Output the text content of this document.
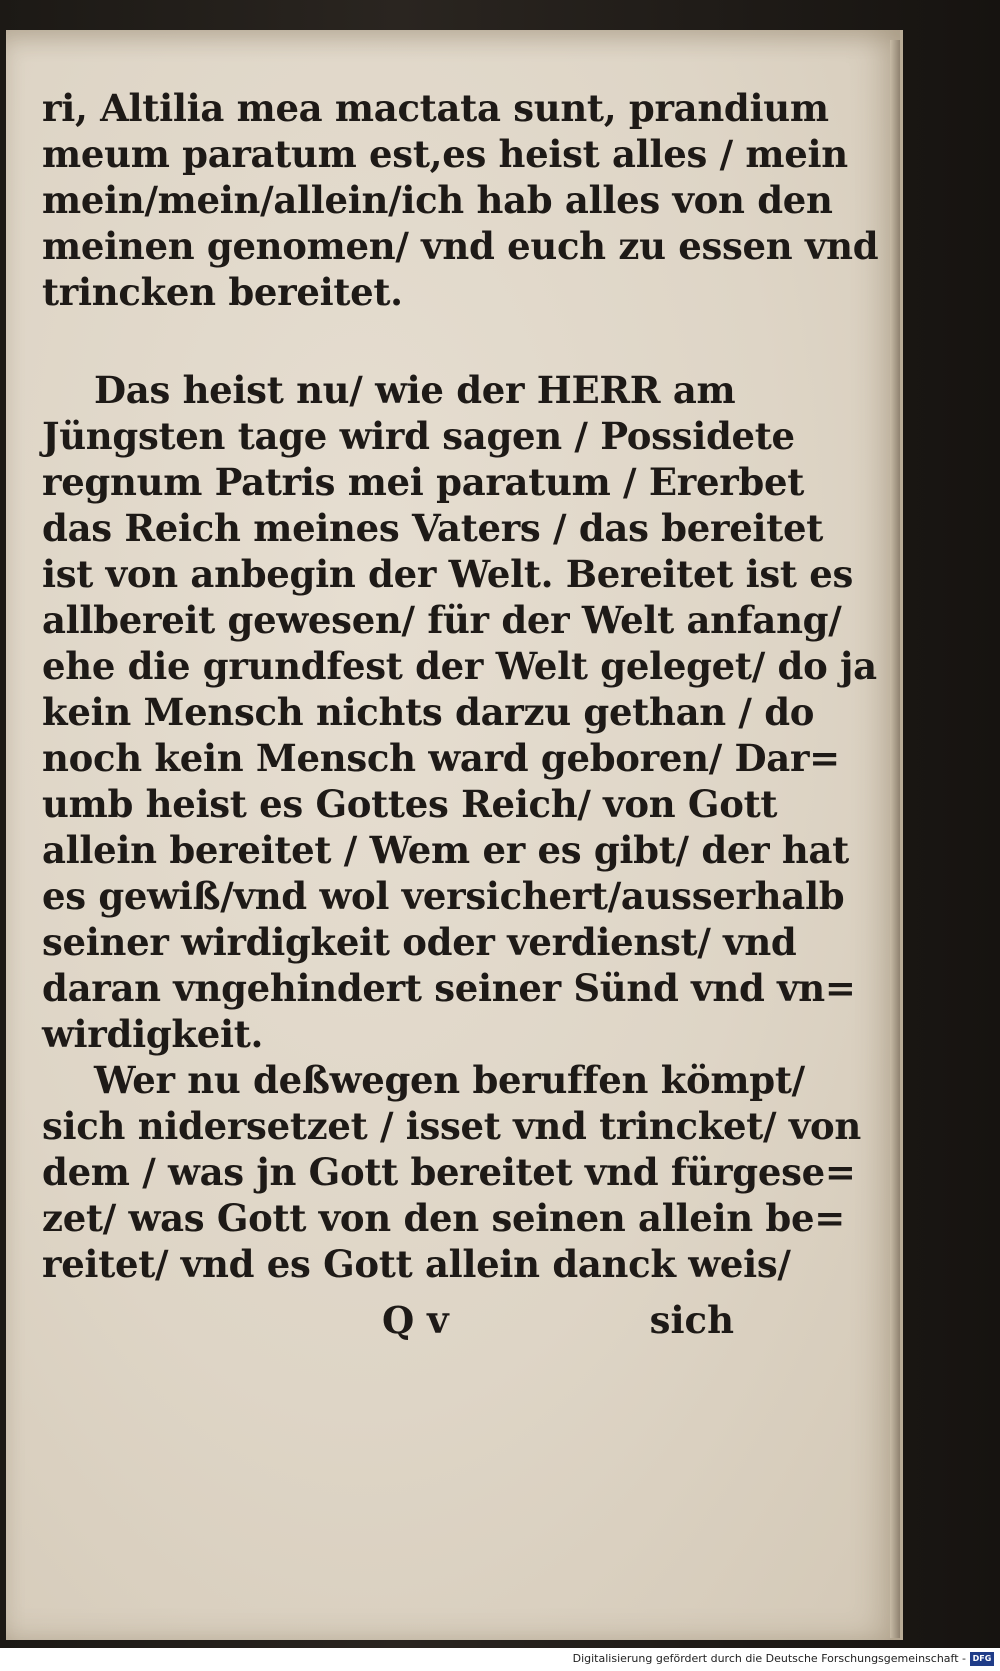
ri, Altilia mea mactata sunt, prandium
meum paratum est,es heist alles / mein
mein/mein/allein/ich hab alles von den
meinen genomen/ vnd euch zu essen vnd
trincken bereitet.
Das heist nu/ wie der HERR am
Jüngsten tage wird sagen / Possidete
regnum Patris mei paratum / Ererbet
das Reich meines Vaters / das bereitet
ist von anbegin der Welt. Bereitet ist es
allbereit gewesen/ für der Welt anfang/
ehe die grundfest der Welt geleget/ do ja
kein Mensch nichts darzu gethan / do
noch kein Mensch ward geboren/ Dar=
umb heist es Gottes Reich/ von Gott
allein bereitet / Wem er es gibt/ der hat
es gewiß/vnd wol versichert/ausserhalb
seiner wirdigkeit oder verdienst/ vnd
daran vngehindert seiner Sünd vnd vn=
wirdigkeit.
Wer nu deßwegen beruffen kömpt/
sich nidersetzet / isset vnd trincket/ von
dem / was jn Gott bereitet vnd fürgese=
zet/ was Gott von den seinen allein be=
reitet/ vnd es Gott allein danck weis/
Q v	sich
Digitalisierung gefördert durch die Deutsche Forschungsgemeinschaft - DFG
